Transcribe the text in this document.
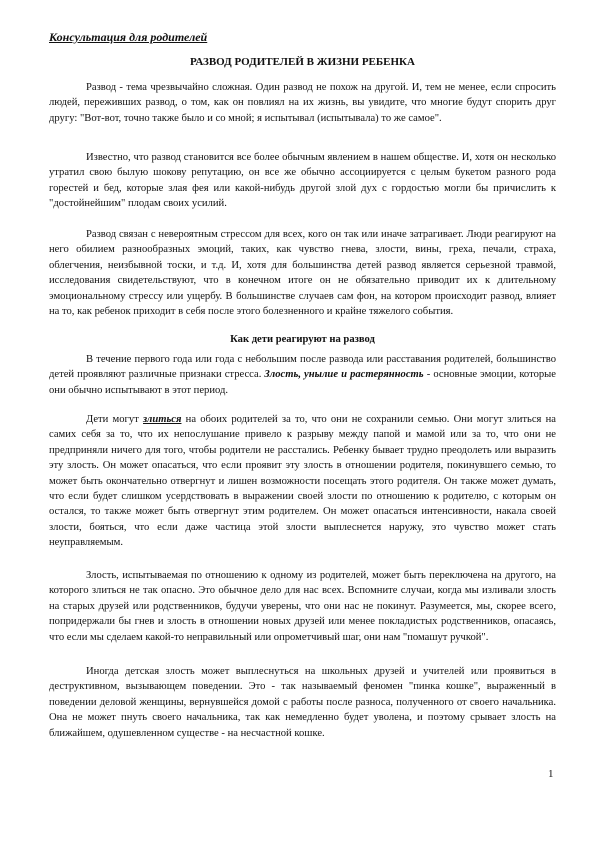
Консультация для родителей
РАЗВОД РОДИТЕЛЕЙ В ЖИЗНИ РЕБЕНКА

Развод - тема чрезвычайно сложная. Один развод не похож на другой. И, тем не менее, если спросить людей, переживших развод, о том, как он повлиял на их жизнь, вы увидите, что многие будут спорить друг другу: "Вот-вот, точно также было и со мной; я испытывал (испытывала) то же самое".

Известно, что развод становится все более обычным явлением в нашем обществе. И, хотя он несколько утратил свою былую шокову репутацию, он все же обычно ассоциируется с целым букетом разного рода горестей и бед, которые злая фея или какой-нибудь другой злой дух с гордостью могли бы причислить к "достойнейшим" плодам своих усилий.

Развод связан с невероятным стрессом для всех, кого он так или иначе затрагивает. Люди реагируют на него обилием разнообразных эмоций, таких, как чувство гнева, злости, вины, греха, печали, страха, облегчения, неизбывной тоски, и т.д. И, хотя для большинства детей развод является серьезной травмой, исследования свидетельствуют, что в конечном итоге он не обязательно приводит их к длительному эмоциональному стрессу или ущербу. В большинстве случаев сам фон, на котором происходит развод, влияет на то, как ребенок приходит в себя после этого болезненного и крайне тяжелого события.

Как дети реагируют на развод

В течение первого года или года с небольшим после развода или расставания родителей, большинство детей проявляют различные признаки стресса. Злость, унылие и растерянность - основные эмоции, которые они обычно испытывают в этот период.

Дети могут злиться на обоих родителей за то, что они не сохранили семью. Они могут злиться на самих себя за то, что их непослушание привело к разрыву между папой и мамой или за то, что они не предприняли ничего для того, чтобы родители не расстались. Ребенку бывает трудно преодолеть или выразить эту злость. Он может опасаться, что если проявит эту злость в отношении родителя, покинувшего семью, то может быть окончательно отвергнут и лишен возможности посещать этого родителя. Он также может думать, что если будет слишком усердствовать в выражении своей злости по отношению к родителю, с которым он остался, то также может быть отвергнут этим родителем. Он может опасаться интенсивности, накала своей злости, бояться, что если даже частица этой злости выплеснется наружу, это чувство может стать неуправляемым.

Злость, испытываемая по отношению к одному из родителей, может быть переключена на другого, на которого злиться не так опасно. Это обычное дело для нас всех. Вспомните случаи, когда мы изливали злость на старых друзей или родственников, будучи уверены, что они нас не покинут. Разумеется, мы, скорее всего, попридержали бы гнев и злость в отношении новых друзей или менее покладистых родственников, опасаясь, что если мы сделаем какой-то неправильный или опрометчивый шаг, они нам "помашут ручкой".

Иногда детская злость может выплеснуться на школьных друзей и учителей или проявиться в деструктивном, вызывающем поведении. Это - так называемый феномен "пинка кошке", выраженный в поведении деловой женщины, вернувшейся домой с работы после разноса, полученного от своего начальника. Она не может пнуть своего начальника, так как немедленно будет уволена, и поэтому срывает злость на ближайшем, одушевленном существе - на несчастной кошке.

1
